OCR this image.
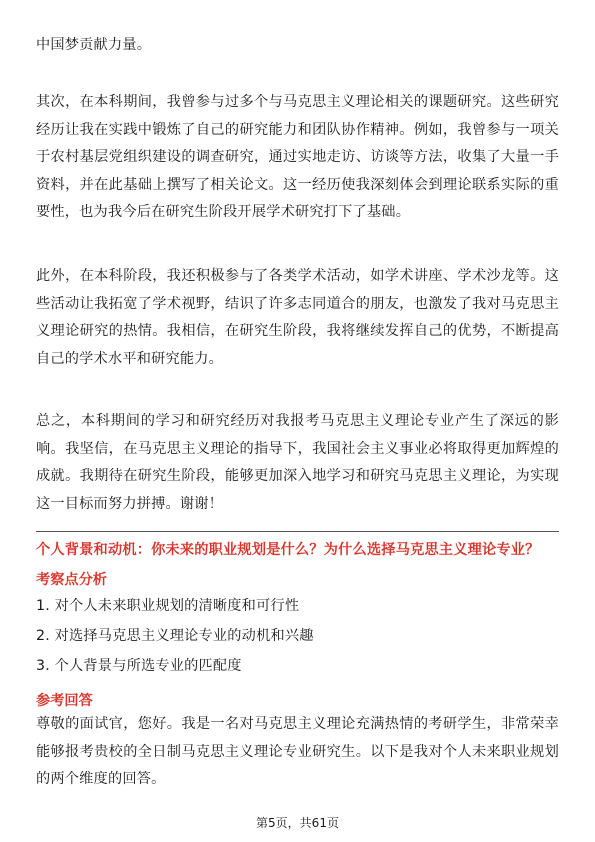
中国梦贡献力量。

其次，在本科期间，我曾参与过多个与马克思主义理论相关的课题研究。这些研究经历让我在实践中锻炼了自己的研究能力和团队协作精神。例如，我曾参与一项关于农村基层党组织建设的调查研究，通过实地走访、访谈等方法，收集了大量一手资料，并在此基础上撰写了相关论文。这一经历使我深刻体会到理论联系实际的重要性，也为我今后在研究生阶段开展学术研究打下了基础。

此外，在本科阶段，我还积极参与了各类学术活动，如学术讲座、学术沙龙等。这些活动让我拓宽了学术视野，结识了许多志同道合的朋友，也激发了我对马克思主义理论研究的热情。我相信，在研究生阶段，我将继续发挥自己的优势，不断提高自己的学术水平和研究能力。

总之，本科期间的学习和研究经历对我报考马克思主义理论专业产生了深远的影响。我坚信，在马克思主义理论的指导下，我国社会主义事业必将取得更加辉煌的成就。我期待在研究生阶段，能够更加深入地学习和研究马克思主义理论，为实现这一目标而努力拼搏。谢谢！

个人背景和动机：你未来的职业规划是什么？为什么选择马克思主义理论专业？

考察点分析

1. 对个人未来职业规划的清晰度和可行性

2. 对选择马克思主义理论专业的动机和兴趣

3. 个人背景与所选专业的匹配度

参考回答

尊敬的面试官，您好。我是一名对马克思主义理论充满热情的考研学生，非常荣幸能够报考贵校的全日制马克思主义理论专业研究生。以下是我对个人未来职业规划的两个维度的回答。

第5页，共61页
